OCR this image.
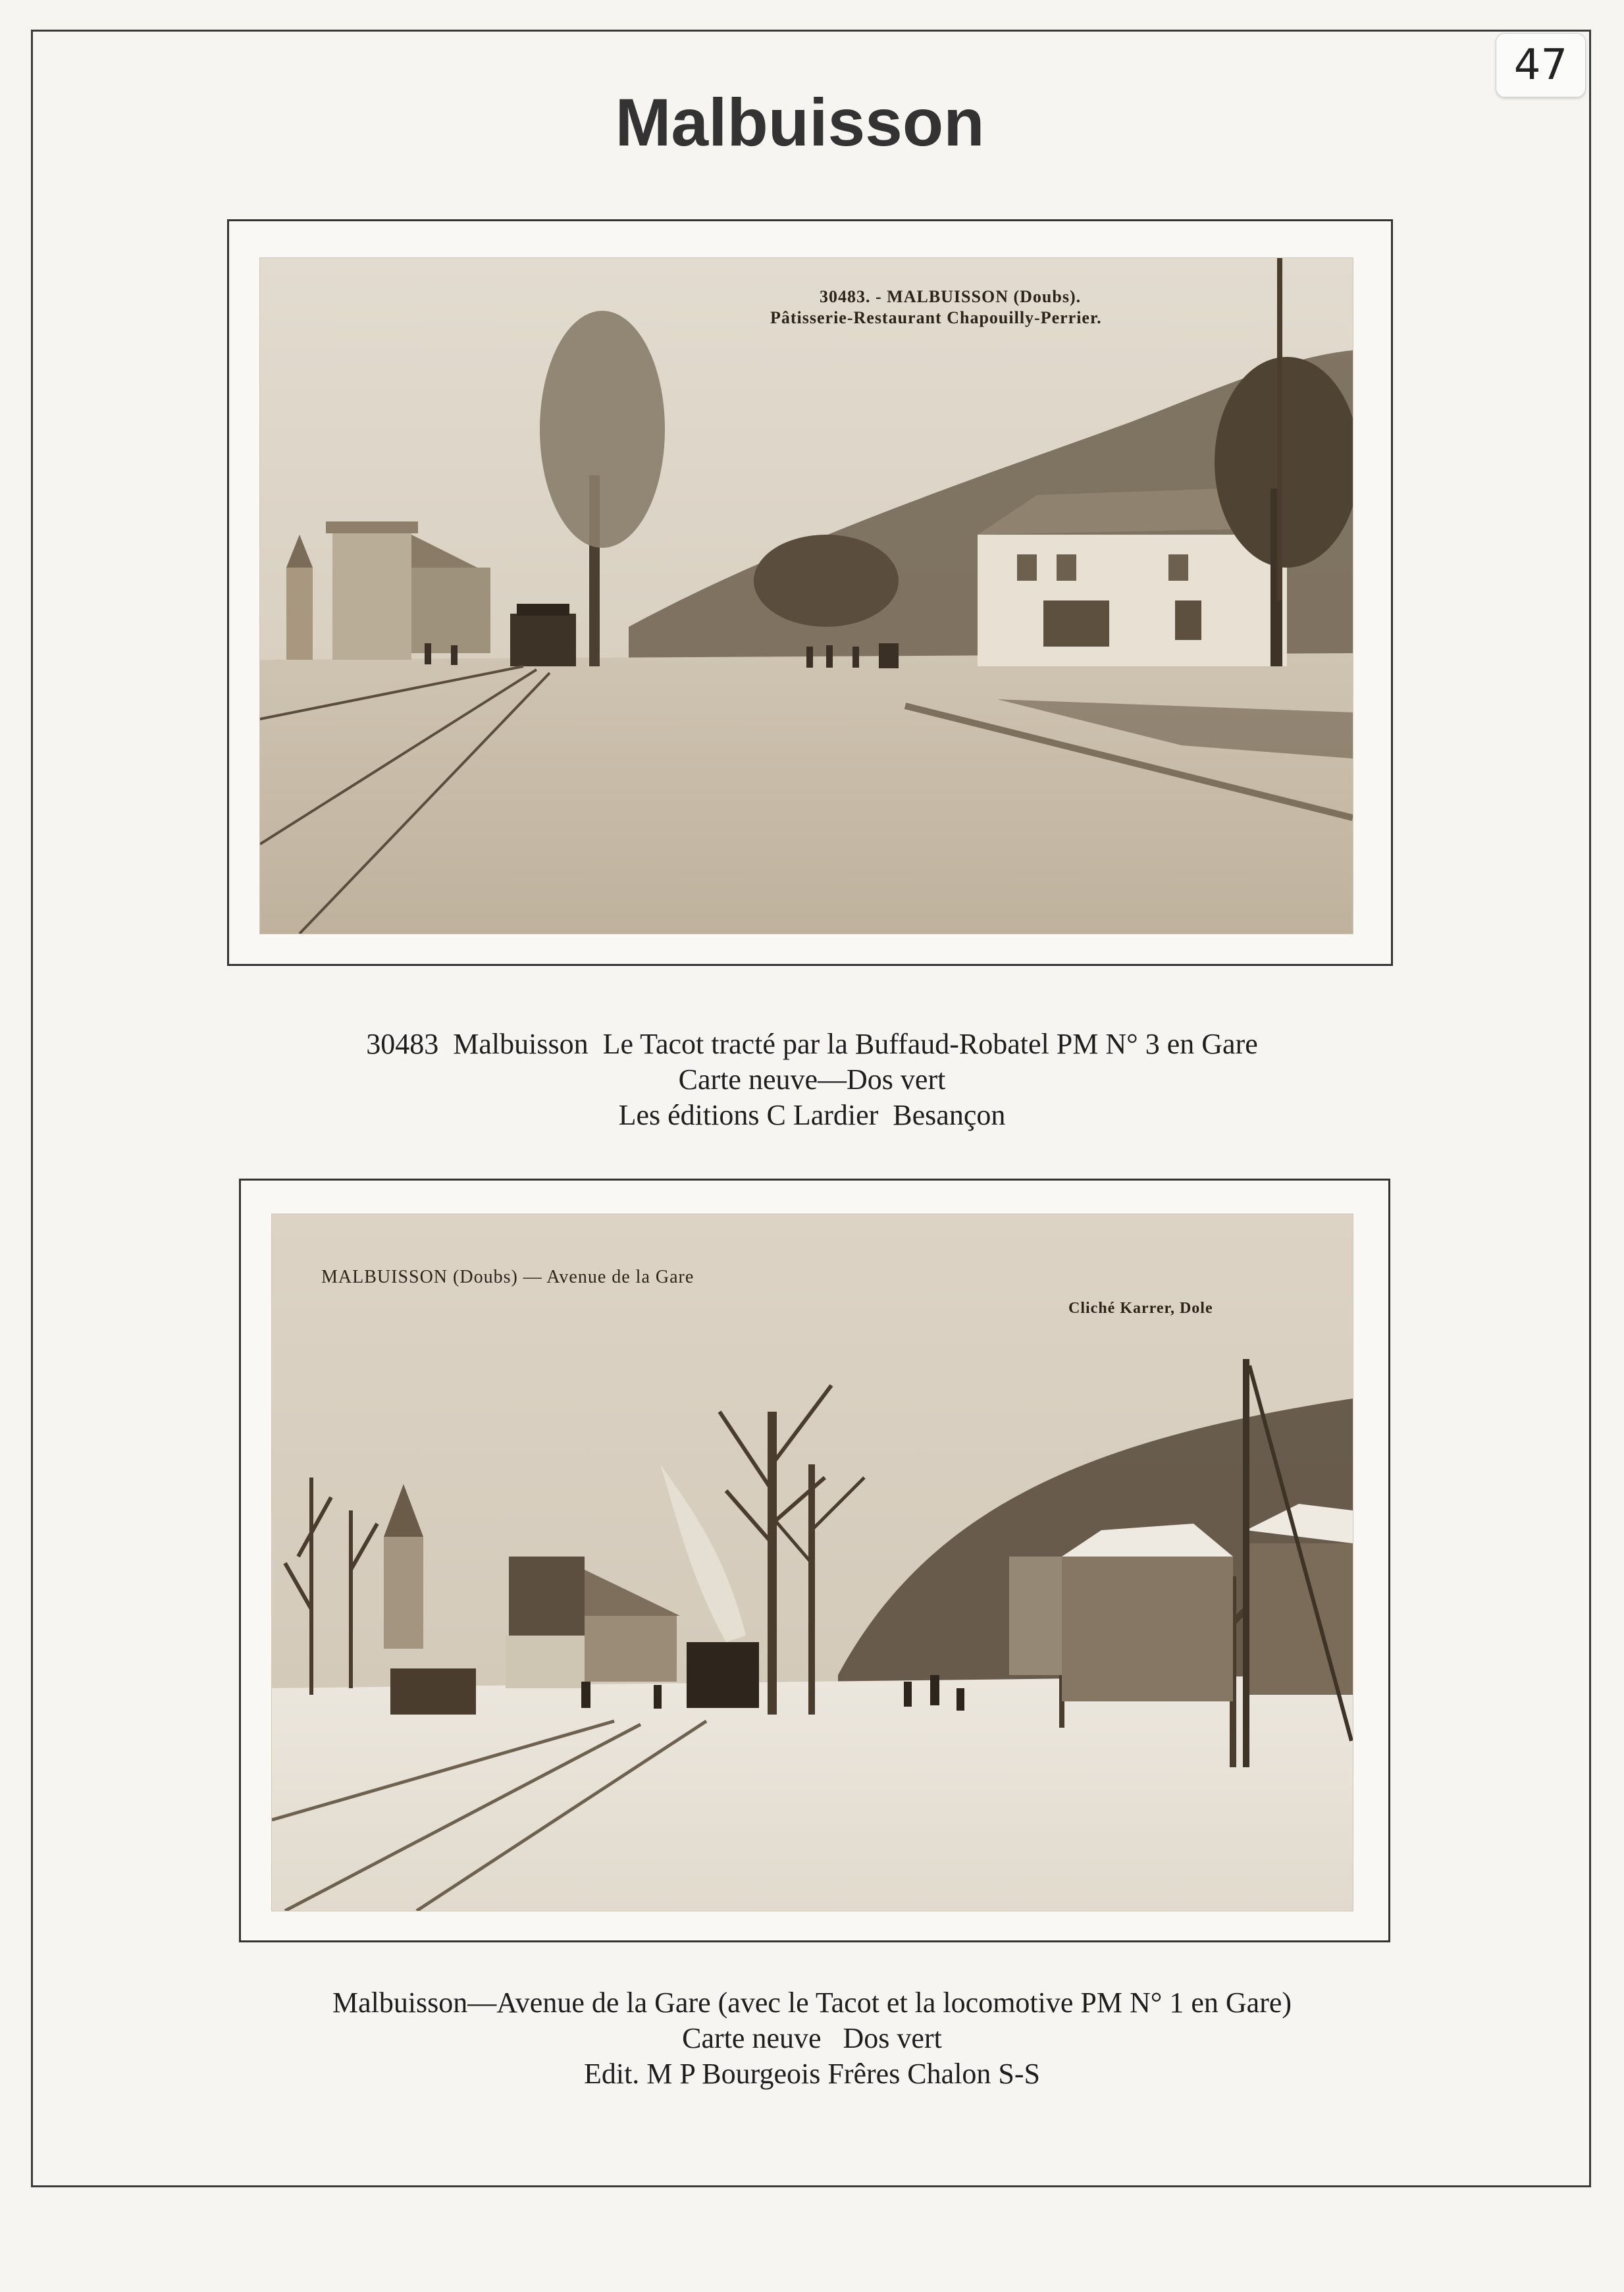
47
Malbuisson
30483. - MALBUISSON (Doubs).
Pâtisserie-Restaurant Chapouilly-Perrier.
30483  Malbuisson  Le Tacot tracté par la Buffaud-Robatel PM N° 3 en Gare
Carte neuve—Dos vert
Les éditions C Lardier  Besançon
MALBUISSON (Doubs) — Avenue de la Gare
Cliché Karrer, Dole
Malbuisson—Avenue de la Gare (avec le Tacot et la locomotive PM N° 1 en Gare)
Carte neuve   Dos vert
Edit. M P Bourgeois Frêres Chalon S-S
